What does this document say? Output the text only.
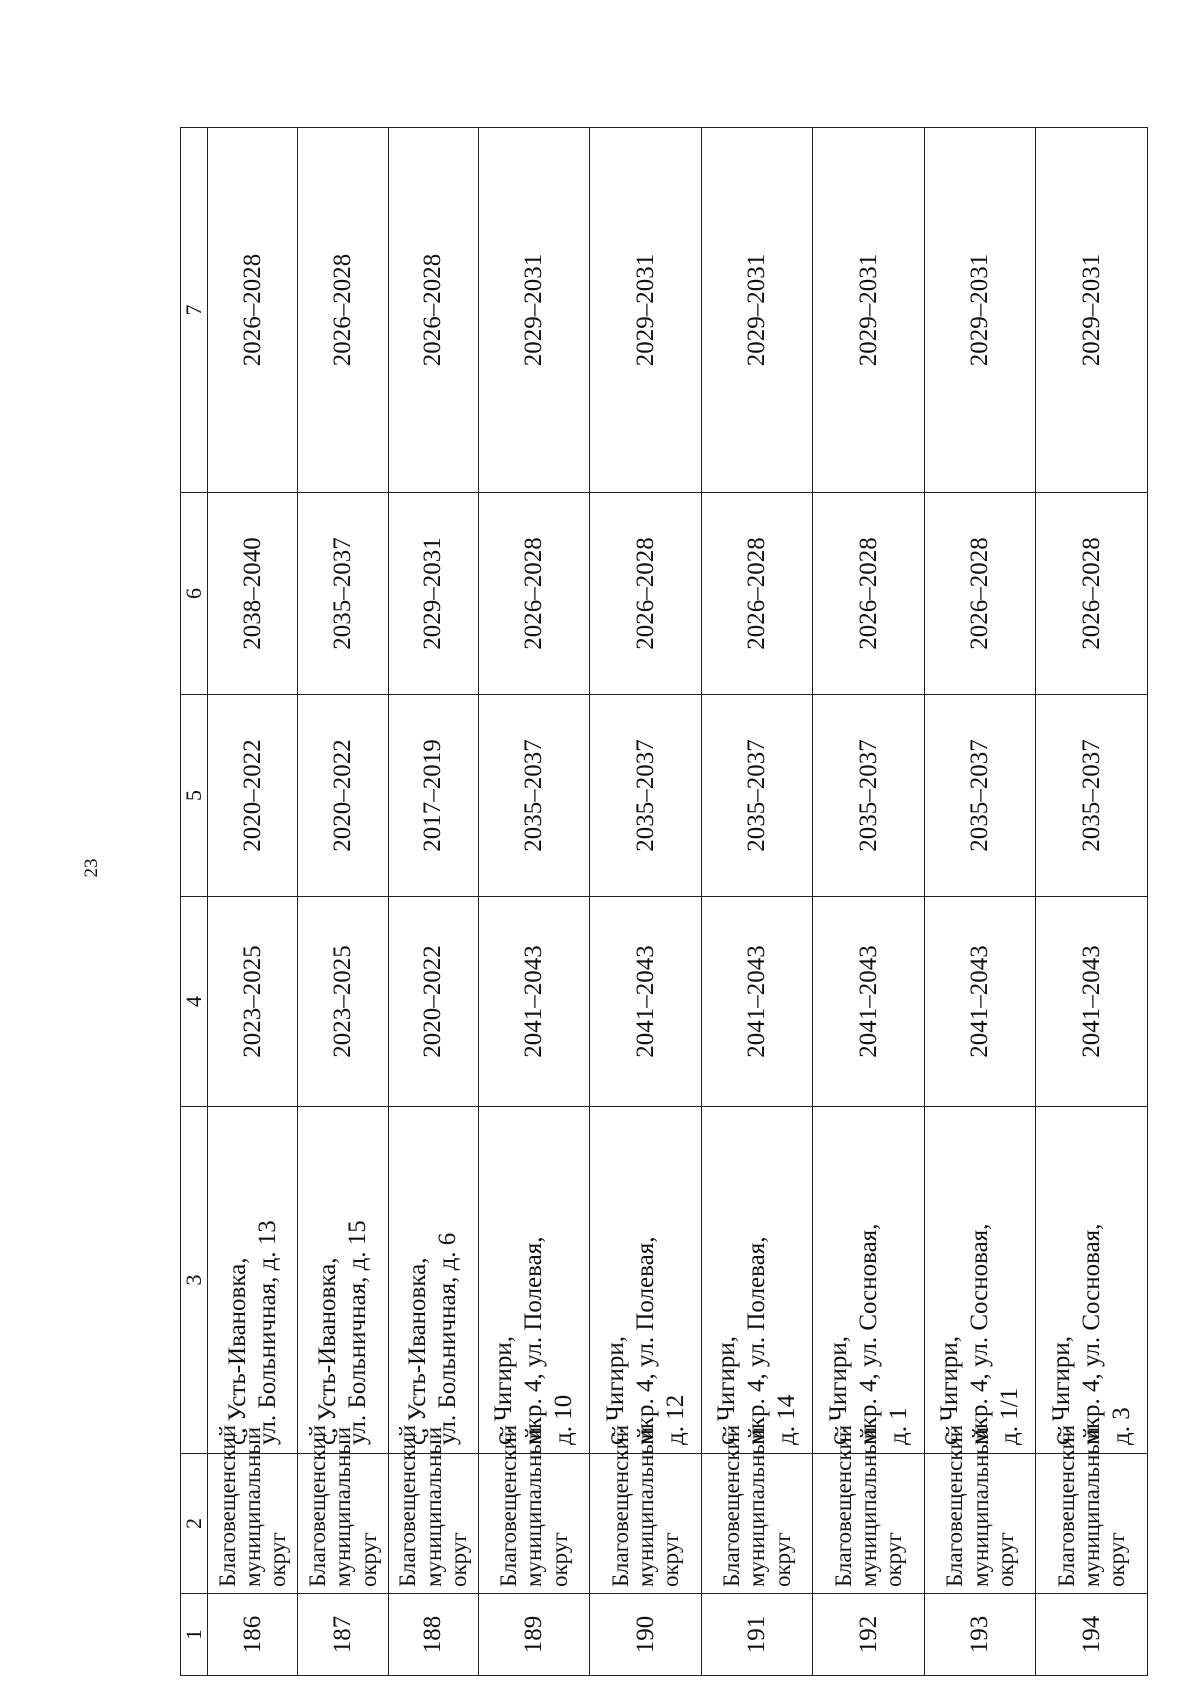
23
1	2	3	4	5	6	7
186	Благовещенский муниципальный округ	с. Усть-Ивановка, ул. Больничная, д. 13	2023–2025	2020–2022	2038–2040	2026–2028
187	Благовещенский муниципальный округ	с. Усть-Ивановка, ул. Больничная, д. 15	2023–2025	2020–2022	2035–2037	2026–2028
188	Благовещенский муниципальный округ	с. Усть-Ивановка, ул. Больничная, д. 6	2020–2022	2017–2019	2029–2031	2026–2028
189	Благовещенский муниципальный округ	с. Чигири, мкр. 4, ул. Полевая, д. 10	2041–2043	2035–2037	2026–2028	2029–2031
190	Благовещенский муниципальный округ	с. Чигири, мкр. 4, ул. Полевая, д. 12	2041–2043	2035–2037	2026–2028	2029–2031
191	Благовещенский муниципальный округ	с. Чигири, мкр. 4, ул. Полевая, д. 14	2041–2043	2035–2037	2026–2028	2029–2031
192	Благовещенский муниципальный округ	с. Чигири, мкр. 4, ул. Сосновая, д. 1	2041–2043	2035–2037	2026–2028	2029–2031
193	Благовещенский муниципальный округ	с. Чигири, мкр. 4, ул. Сосновая, д. 1/1	2041–2043	2035–2037	2026–2028	2029–2031
194	Благовещенский муниципальный округ	с. Чигири, мкр. 4, ул. Сосновая, д. 3	2041–2043	2035–2037	2026–2028	2029–2031
